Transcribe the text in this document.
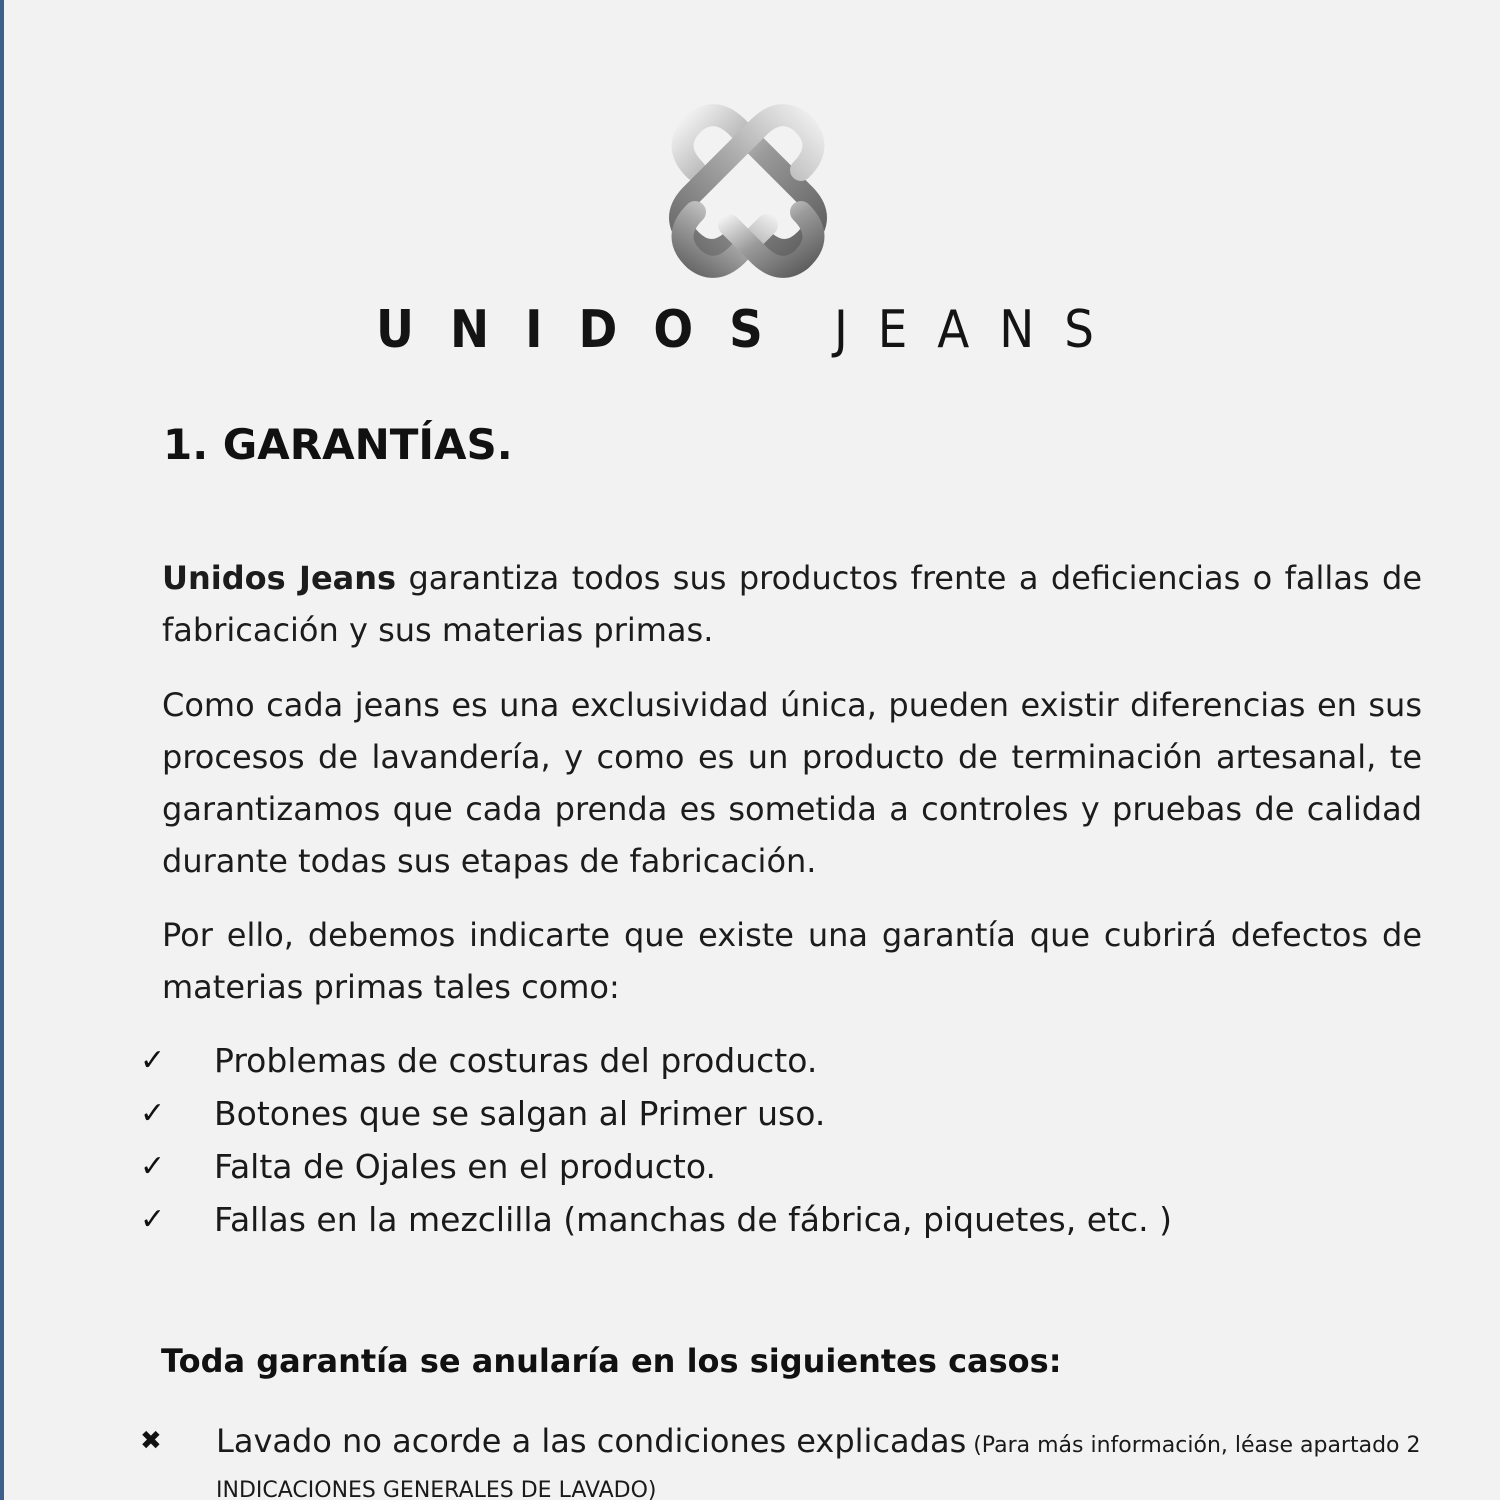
UNIDOS JEANS
1. GARANTÍAS.
Unidos Jeans garantiza todos sus productos frente a deficiencias o fallas de fabricación y sus materias primas.
Como cada jeans es una exclusividad única, pueden existir diferencias en sus procesos de lavandería, y como es un producto de terminación artesanal, te garantizamos que cada prenda es sometida a controles y pruebas de calidad durante todas sus etapas de fabricación.
Por ello, debemos indicarte que existe una garantía que cubrirá defectos de materias primas tales como:
✓	Problemas de costuras del producto.
✓	Botones que se salgan al Primer uso.
✓	Falta de Ojales en el producto.
✓	Fallas en la mezclilla (manchas de fábrica, piquetes, etc. )
Toda garantía se anularía en los siguientes casos:
✖	Lavado no acorde a las condiciones explicadas (Para más información, léase apartado 2 INDICACIONES GENERALES DE LAVADO)
